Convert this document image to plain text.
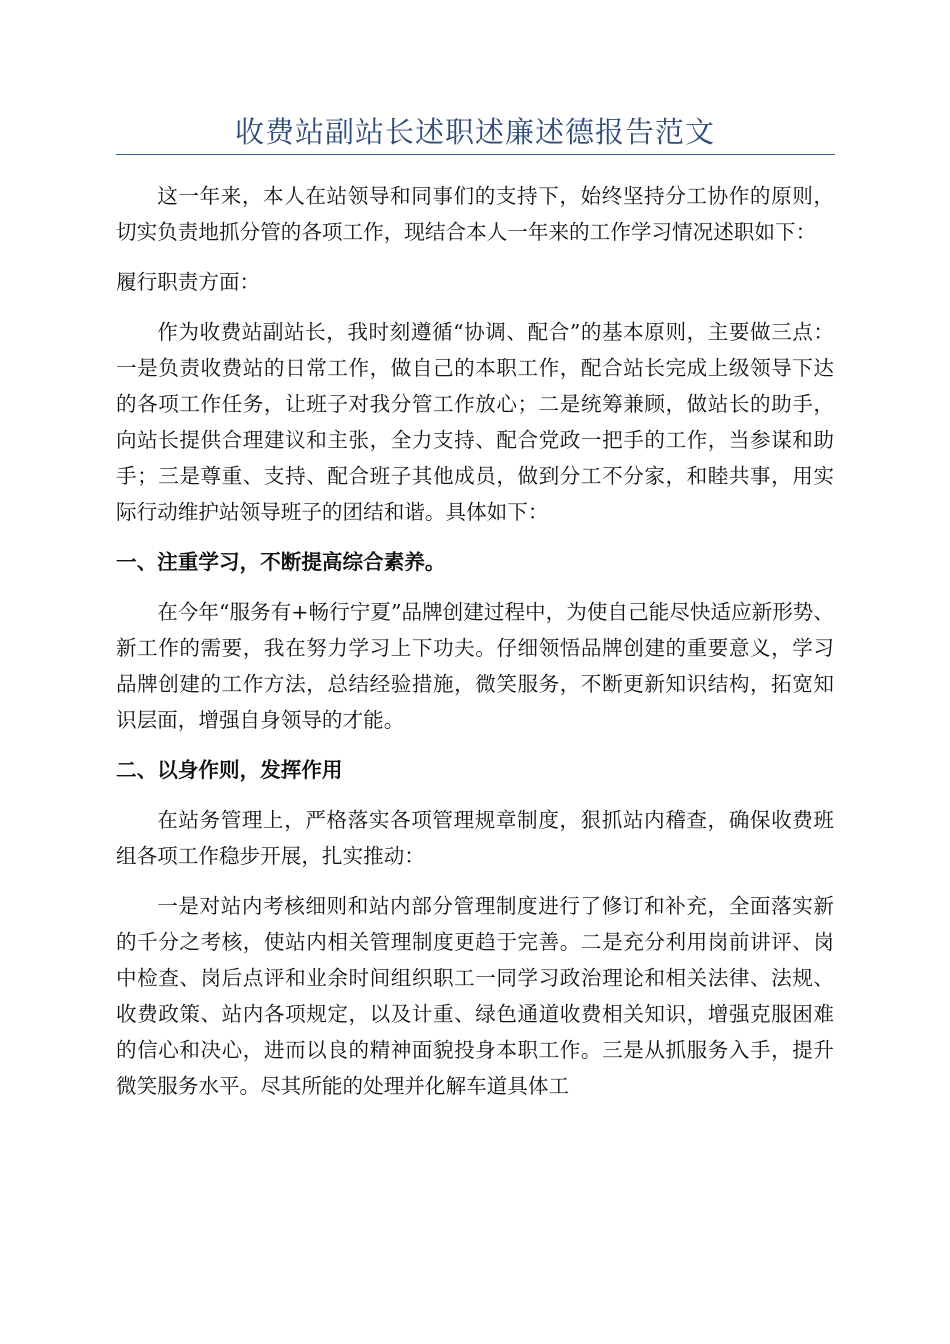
收费站副站长述职述廉述德报告范文

这一年来，本人在站领导和同事们的支持下，始终坚持分工协作的原则，切实负责地抓分管的各项工作，现结合本人一年来的工作学习情况述职如下：

履行职责方面：

作为收费站副站长，我时刻遵循“协调、配合”的基本原则，主要做三点：一是负责收费站的日常工作，做自己的本职工作，配合站长完成上级领导下达的各项工作任务，让班子对我分管工作放心；二是统筹兼顾，做站长的助手，向站长提供合理建议和主张，全力支持、配合党政一把手的工作，当参谋和助手；三是尊重、支持、配合班子其他成员，做到分工不分家，和睦共事，用实际行动维护站领导班子的团结和谐。具体如下：

一、注重学习，不断提高综合素养。

在今年“服务有+畅行宁夏”品牌创建过程中，为使自己能尽快适应新形势、新工作的需要，我在努力学习上下功夫。仔细领悟品牌创建的重要意义，学习品牌创建的工作方法，总结经验措施，微笑服务，不断更新知识结构，拓宽知识层面，增强自身领导的才能。

二、以身作则，发挥作用

在站务管理上，严格落实各项管理规章制度，狠抓站内稽查，确保收费班组各项工作稳步开展，扎实推动：

一是对站内考核细则和站内部分管理制度进行了修订和补充，全面落实新的千分之考核，使站内相关管理制度更趋于完善。二是充分利用岗前讲评、岗中检查、岗后点评和业余时间组织职工一同学习政治理论和相关法律、法规、收费政策、站内各项规定，以及计重、绿色通道收费相关知识，增强克服困难的信心和决心，进而以良的精神面貌投身本职工作。三是从抓服务入手，提升微笑服务水平。尽其所能的处理并化解车道具体工
